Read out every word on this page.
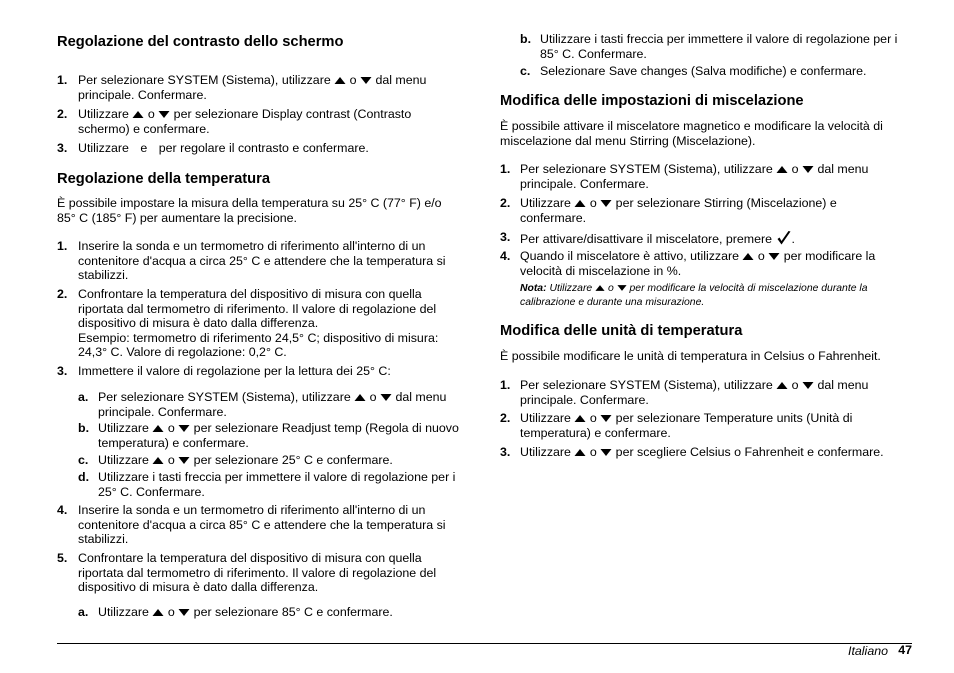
Regolazione del contrasto dello schermo
1. Per selezionare SYSTEM (Sistema), utilizzare o dal menu
principale. Confermare.
2. Utilizzare o per selezionare Display contrast (Contrasto
schermo) e confermare.
3. Utilizzare e per regolare il contrasto e confermare.
Regolazione della temperatura
È possibile impostare la misura della temperatura su 25° C (77° F) e/o
85° C (185° F) per aumentare la precisione.
1. Inserire la sonda e un termometro di riferimento all'interno di un
contenitore d'acqua a circa 25° C e attendere che la temperatura si
stabilizzi.
2. Confrontare la temperatura del dispositivo di misura con quella
riportata dal termometro di riferimento. Il valore di regolazione del
dispositivo di misura è dato dalla differenza.
Esempio: termometro di riferimento 24,5° C; dispositivo di misura:
24,3° C. Valore di regolazione: 0,2° C.
3. Immettere il valore di regolazione per la lettura dei 25° C:
a. Per selezionare SYSTEM (Sistema), utilizzare o dal menu
principale. Confermare.
b. Utilizzare o per selezionare Readjust temp (Regola di nuovo
temperatura) e confermare.
c. Utilizzare o per selezionare 25° C e confermare.
d. Utilizzare i tasti freccia per immettere il valore di regolazione per i
25° C. Confermare.
4. Inserire la sonda e un termometro di riferimento all'interno di un
contenitore d'acqua a circa 85° C e attendere che la temperatura si
stabilizzi.
5. Confrontare la temperatura del dispositivo di misura con quella
riportata dal termometro di riferimento. Il valore di regolazione del
dispositivo di misura è dato dalla differenza.
a. Utilizzare o per selezionare 85° C e confermare.
b. Utilizzare i tasti freccia per immettere il valore di regolazione per i
85° C. Confermare.
c. Selezionare Save changes (Salva modifiche) e confermare.
Modifica delle impostazioni di miscelazione
È possibile attivare il miscelatore magnetico e modificare la velocità di
miscelazione dal menu Stirring (Miscelazione).
1. Per selezionare SYSTEM (Sistema), utilizzare o dal menu
principale. Confermare.
2. Utilizzare o per selezionare Stirring (Miscelazione) e
confermare.
3. Per attivare/disattivare il miscelatore, premere .
4. Quando il miscelatore è attivo, utilizzare o per modificare la
velocità di miscelazione in %.
Nota: Utilizzare o per modificare la velocità di miscelazione durante la
calibrazione e durante una misurazione.
Modifica delle unità di temperatura
È possibile modificare le unità di temperatura in Celsius o Fahrenheit.
1. Per selezionare SYSTEM (Sistema), utilizzare o dal menu
principale. Confermare.
2. Utilizzare o per selezionare Temperature units (Unità di
temperatura) e confermare.
3. Utilizzare o per scegliere Celsius o Fahrenheit e confermare.
Italiano 47
